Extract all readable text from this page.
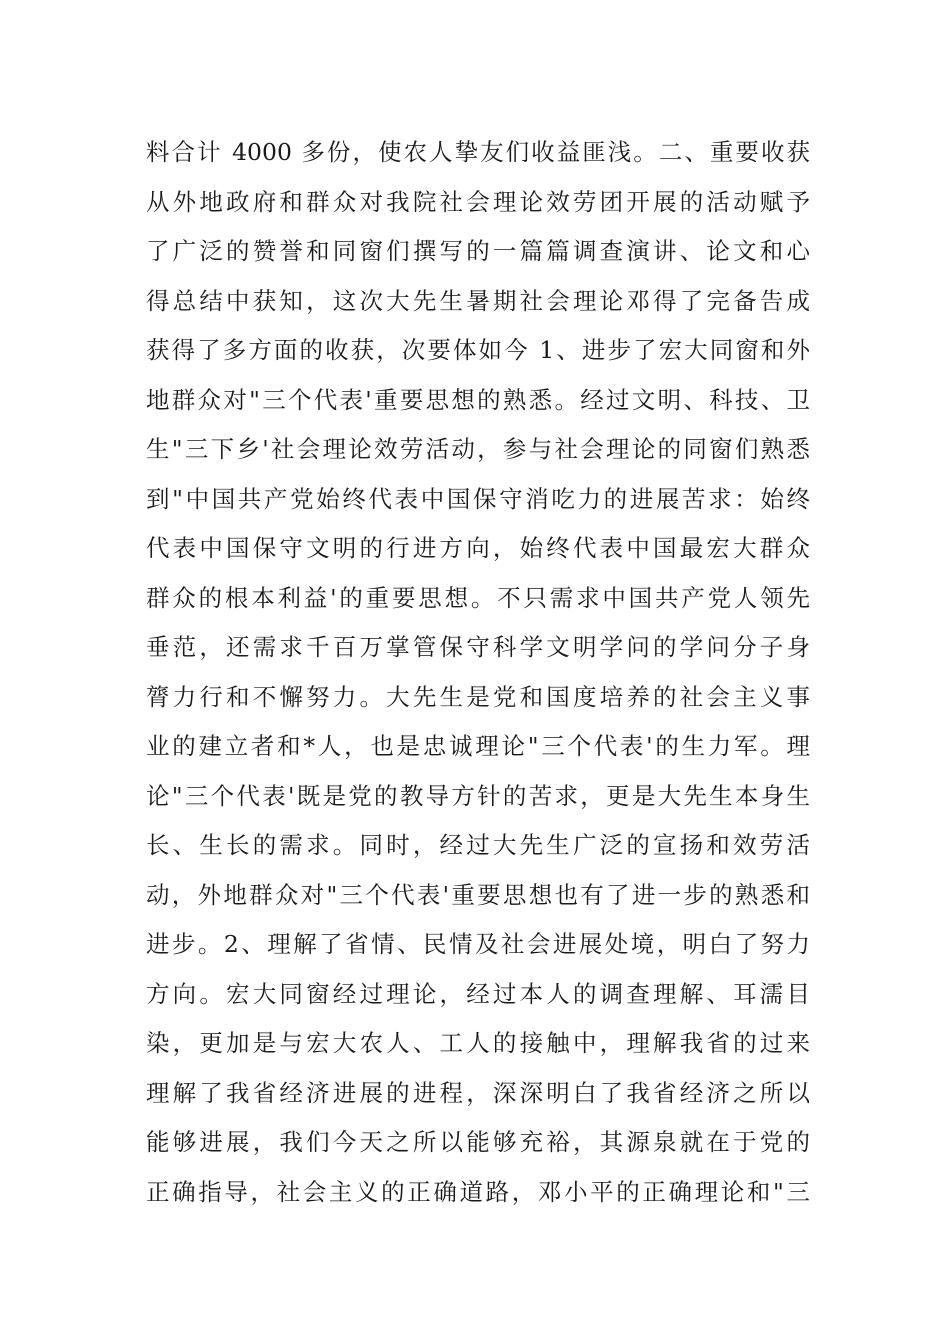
料合计 4000 多份，使农人挚友们收益匪浅。二、重要收获
从外地政府和群众对我院社会理论效劳团开展的活动赋予
了广泛的赞誉和同窗们撰写的一篇篇调查演讲、论文和心
得总结中获知，这次大先生暑期社会理论邓得了完备告成
获得了多方面的收获，次要体如今 1、进步了宏大同窗和外
地群众对"三个代表'重要思想的熟悉。经过文明、科技、卫
生"三下乡'社会理论效劳活动，参与社会理论的同窗们熟悉
到"中国共产党始终代表中国保守消吃力的进展苦求：始终
代表中国保守文明的行进方向，始终代表中国最宏大群众
群众的根本利益'的重要思想。不只需求中国共产党人领先
垂范，还需求千百万掌管保守科学文明学问的学问分子身
膂力行和不懈努力。大先生是党和国度培养的社会主义事
业的建立者和*人，也是忠诚理论"三个代表'的生力军。理
论"三个代表'既是党的教导方针的苦求，更是大先生本身生
长、生长的需求。同时，经过大先生广泛的宣扬和效劳活
动，外地群众对"三个代表'重要思想也有了进一步的熟悉和
进步。2、理解了省情、民情及社会进展处境，明白了努力
方向。宏大同窗经过理论，经过本人的调查理解、耳濡目
染，更加是与宏大农人、工人的接触中，理解我省的过来
理解了我省经济进展的进程，深深明白了我省经济之所以
能够进展，我们今天之所以能够充裕，其源泉就在于党的
正确指导，社会主义的正确道路，邓小平的正确理论和"三
